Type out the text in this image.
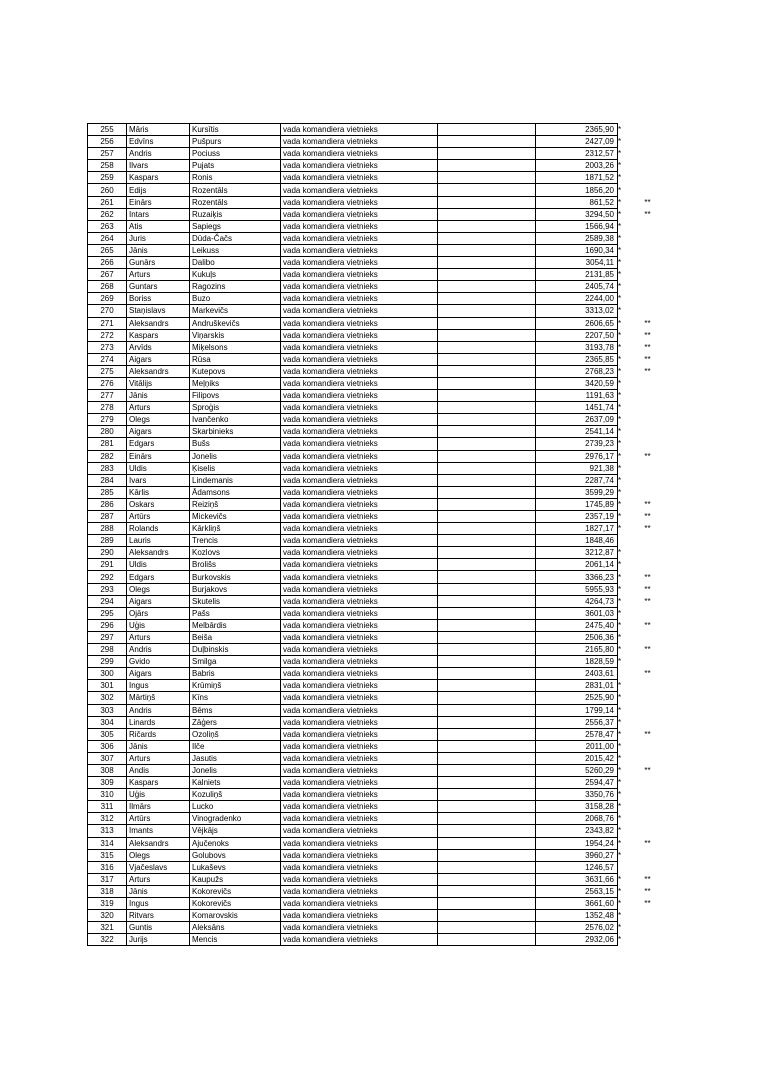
255	Māris	Kursītis	vada komandiera vietnieks		2365,90	*	
256	Edvīns	Pušpurs	vada komandiera vietnieks		2427,09	*	
257	Andris	Pociuss	vada komandiera vietnieks		2312,57	*	
258	Ilvars	Pujats	vada komandiera vietnieks		2003,26	*	
259	Kaspars	Ronis	vada komandiera vietnieks		1871,52	*	
260	Edijs	Rozentāls	vada komandiera vietnieks		1856,20	*	
261	Einārs	Rozentāls	vada komandiera vietnieks		861,52	*	**
262	Intars	Ruzaiķis	vada komandiera vietnieks		3294,50	*	**
263	Atis	Sapiegs	vada komandiera vietnieks		1566,94	*	
264	Juris	Dūda-Čačs	vada komandiera vietnieks		2589,38	*	
265	Jānis	Leikuss	vada komandiera vietnieks		1690,34	*	
266	Gunārs	Dalibo	vada komandiera vietnieks		3054,11	*	
267	Arturs	Kukuļs	vada komandiera vietnieks		2131,85	*	
268	Guntars	Ragozins	vada komandiera vietnieks		2405,74	*	
269	Boriss	Buzo	vada komandiera vietnieks		2244,00	*	
270	Staņislavs	Markevičs	vada komandiera vietnieks		3313,02	*	
271	Aleksandrs	Andruškevičs	vada komandiera vietnieks		2606,65	*	**
272	Kaspars	Viņarskis	vada komandiera vietnieks		2207,50	*	**
273	Arvīds	Miķelsons	vada komandiera vietnieks		3193,78	*	**
274	Aigars	Rūsa	vada komandiera vietnieks		2365,85	*	**
275	Aleksandrs	Kutepovs	vada komandiera vietnieks		2768,23	*	**
276	Vitālijs	Meļņiks	vada komandiera vietnieks		3420,59	*	
277	Jānis	Filipovs	vada komandiera vietnieks		1191,63	*	
278	Arturs	Sproģis	vada komandiera vietnieks		1451,74	*	
279	Olegs	Ivančenko	vada komandiera vietnieks		2637,09	*	
280	Aigars	Skarbinieks	vada komandiera vietnieks		2541,14	*	
281	Edgars	Bušs	vada komandiera vietnieks		2739,23	*	
282	Einārs	Jonelis	vada komandiera vietnieks		2976,17	*	**
283	Uldis	Ķiselis	vada komandiera vietnieks		921,38	*	
284	Ivars	Lindemanis	vada komandiera vietnieks		2287,74	*	
285	Kārlis	Ādamsons	vada komandiera vietnieks		3599,29	*	
286	Oskars	Reiziņš	vada komandiera vietnieks		1745,89	*	**
287	Artūrs	Mickevičs	vada komandiera vietnieks		2357,19	*	**
288	Rolands	Kārkliņš	vada komandiera vietnieks		1827,17	*	**
289	Lauris	Trencis	vada komandiera vietnieks		1848,46		
290	Aleksandrs	Kozlovs	vada komandiera vietnieks		3212,87	*	
291	Uldis	Brolišs	vada komandiera vietnieks		2061,14	*	
292	Edgars	Burkovskis	vada komandiera vietnieks		3366,23	*	**
293	Olegs	Burjakovs	vada komandiera vietnieks		5955,93	*	**
294	Aigars	Skutelis	vada komandiera vietnieks		4264,73	*	**
295	Ojārs	Pašs	vada komandiera vietnieks		3601,03	*	
296	Uģis	Melbārdis	vada komandiera vietnieks		2475,40	*	**
297	Arturs	Beiša	vada komandiera vietnieks		2506,36	*	
298	Andris	Duļbinskis	vada komandiera vietnieks		2165,80	*	**
299	Gvido	Smilga	vada komandiera vietnieks		1828,59	*	
300	Aigars	Babris	vada komandiera vietnieks		2403,61		**
301	Ingus	Krūmiņš	vada komandiera vietnieks		2831,01	*	
302	Mārtiņš	Kīns	vada komandiera vietnieks		2525,90	*	
303	Andris	Bēms	vada komandiera vietnieks		1799,14	*	
304	Linards	Zāģers	vada komandiera vietnieks		2556,37	*	
305	Ričards	Ozoliņš	vada komandiera vietnieks		2578,47	*	**
306	Jānis	Ilče	vada komandiera vietnieks		2011,00	*	
307	Arturs	Jasutis	vada komandiera vietnieks		2015,42	*	
308	Andis	Jonelis	vada komandiera vietnieks		5260,29	*	**
309	Kaspars	Kalniets	vada komandiera vietnieks		2594,47	*	
310	Uģis	Kozuliņš	vada komandiera vietnieks		3350,76	*	
311	Ilmārs	Lucko	vada komandiera vietnieks		3158,28	*	
312	Artūrs	Vinogradenko	vada komandiera vietnieks		2068,76	*	
313	Imants	Vējkājs	vada komandiera vietnieks		2343,82	*	
314	Aleksandrs	Ajučenoks	vada komandiera vietnieks		1954,24	*	**
315	Olegs	Golubovs	vada komandiera vietnieks		3960,27	*	
316	Vjačeslavs	Lukaševs	vada komandiera vietnieks		1246,57		
317	Arturs	Kaupužs	vada komandiera vietnieks		3631,66	*	**
318	Jānis	Kokorevičs	vada komandiera vietnieks		2563,15	*	**
319	Ingus	Kokorevičs	vada komandiera vietnieks		3661,60	*	**
320	Ritvars	Komarovskis	vada komandiera vietnieks		1352,48	*	
321	Guntis	Aleksāns	vada komandiera vietnieks		2576,02	*	
322	Jurijs	Mencis	vada komandiera vietnieks		2932,06	*	
